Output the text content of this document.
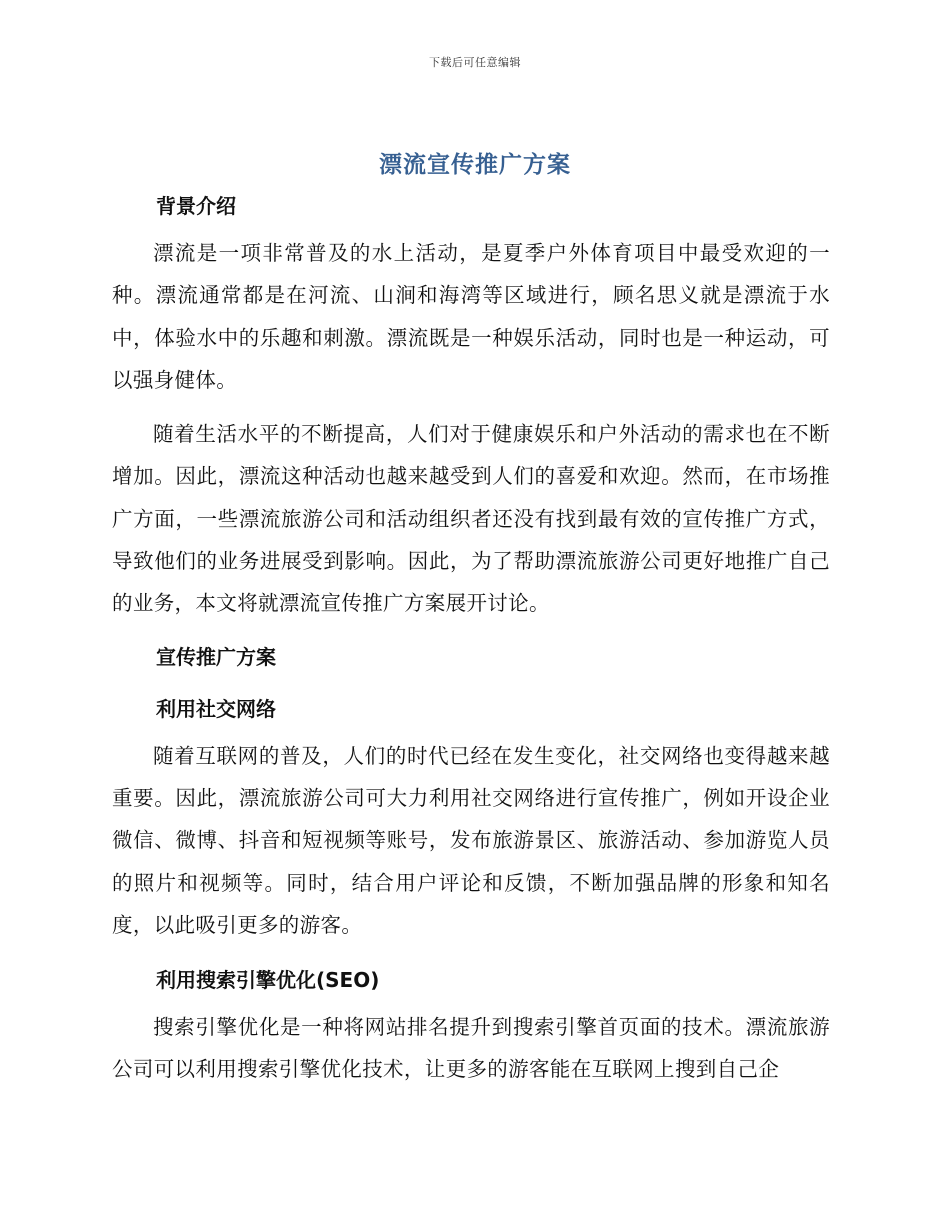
下载后可任意编辑
漂流宣传推广方案
背景介绍

漂流是一项非常普及的水上活动，是夏季户外体育项目中最受欢迎的一种。漂流通常都是在河流、山涧和海湾等区域进行，顾名思义就是漂流于水中，体验水中的乐趣和刺激。漂流既是一种娱乐活动，同时也是一种运动，可以强身健体。

随着生活水平的不断提高，人们对于健康娱乐和户外活动的需求也在不断增加。因此，漂流这种活动也越来越受到人们的喜爱和欢迎。然而，在市场推广方面，一些漂流旅游公司和活动组织者还没有找到最有效的宣传推广方式，导致他们的业务进展受到影响。因此，为了帮助漂流旅游公司更好地推广自己的业务，本文将就漂流宣传推广方案展开讨论。

宣传推广方案
利用社交网络

随着互联网的普及，人们的时代已经在发生变化，社交网络也变得越来越重要。因此，漂流旅游公司可大力利用社交网络进行宣传推广，例如开设企业微信、微博、抖音和短视频等账号，发布旅游景区、旅游活动、参加游览人员的照片和视频等。同时，结合用户评论和反馈，不断加强品牌的形象和知名度，以此吸引更多的游客。

利用搜索引擎优化(SEO)

搜索引擎优化是一种将网站排名提升到搜索引擎首页面的技术。漂流旅游公司可以利用搜索引擎优化技术，让更多的游客能在互联网上搜到自己企
